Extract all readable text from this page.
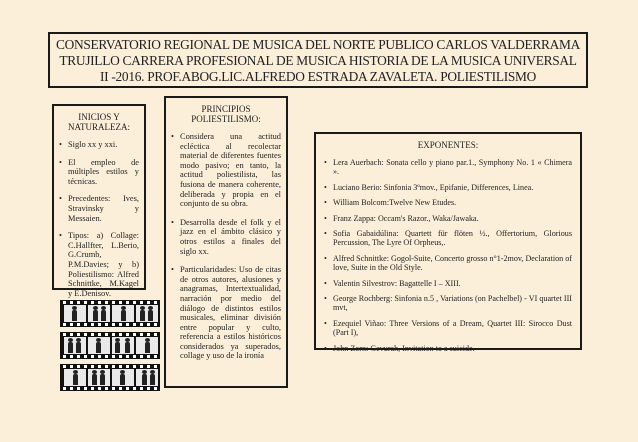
CONSERVATORIO REGIONAL DE MUSICA DEL NORTE PUBLICO CARLOS VALDERRAMA
TRUJILLO CARRERA PROFESIONAL DE MUSICA HISTORIA DE LA MUSICA UNIVERSAL
II -2016. PROF.ABOG.LIC.ALFREDO ESTRADA ZAVALETA. POLIESTILISMO
INICIOS Y NATURALEZA:
• Siglo xx y xxi.
• El empleo de múltiples estilos y técnicas.
• Precedentes: Ives, Stravinsky y Messaien.
• Tipos: a) Collage: C.Hallfter, L.Berio, G.Crumb, P.M.Davies; y b) Poliestilismo: Alfred Schnittke, M.Kagel y E.Denisov.
PRINCIPIOS POLIESTILISMO:
• Considera una actitud ecléctica al recolectar material de diferentes fuentes modo pasivo; en tanto, la actitud poliestilista, las fusiona de manera coherente, deliberada y propia en el conjunto de su obra.
• Desarrolla desde el folk y el jazz en el ámbito clásico y otros estilos a finales del siglo xx.
• Particularidades: Uso de citas de otros autores, alusiones y anagramas, Intertextualidad, narración por medio del diálogo de distintos estilos musicales, eliminar división entre popular y culto, referencia a estilos históricos considerados ya superados, collage y uso de la ironía
EXPONENTES:
• Lera Auerbach: Sonata cello y piano par.1., Symphony No. 1 « Chimera ».
• Luciano Berio: Sinfonia 3ºmov., Epifanie, Differences, Linea.
• William Bolcom:Twelve New Etudes.
• Franz Zappa: Occam's Razor., Waka/Jawaka.
• Sofia Gabaidúlina: Quartett für flöten ½., Offertorium, Glorious Percussion, The Lyre Of Orpheus,.
• Alfred Schnittke: Gogol-Suite, Concerto grosso n°1-2mov, Declaration of love, Suite in the Old Style.
• Valentin Silvestrov: Bagattelle I – XIII.
• George Rochberg: Sinfonia n.5 , Variations (on Pachelbel) - VI quartet III mvt,
• Ezequiel Viñao: Three Versions of a Dream, Quartet III: Sirocco Dust (Part I),
• John Zorn: Gevurah, Invitation to a suicide.
